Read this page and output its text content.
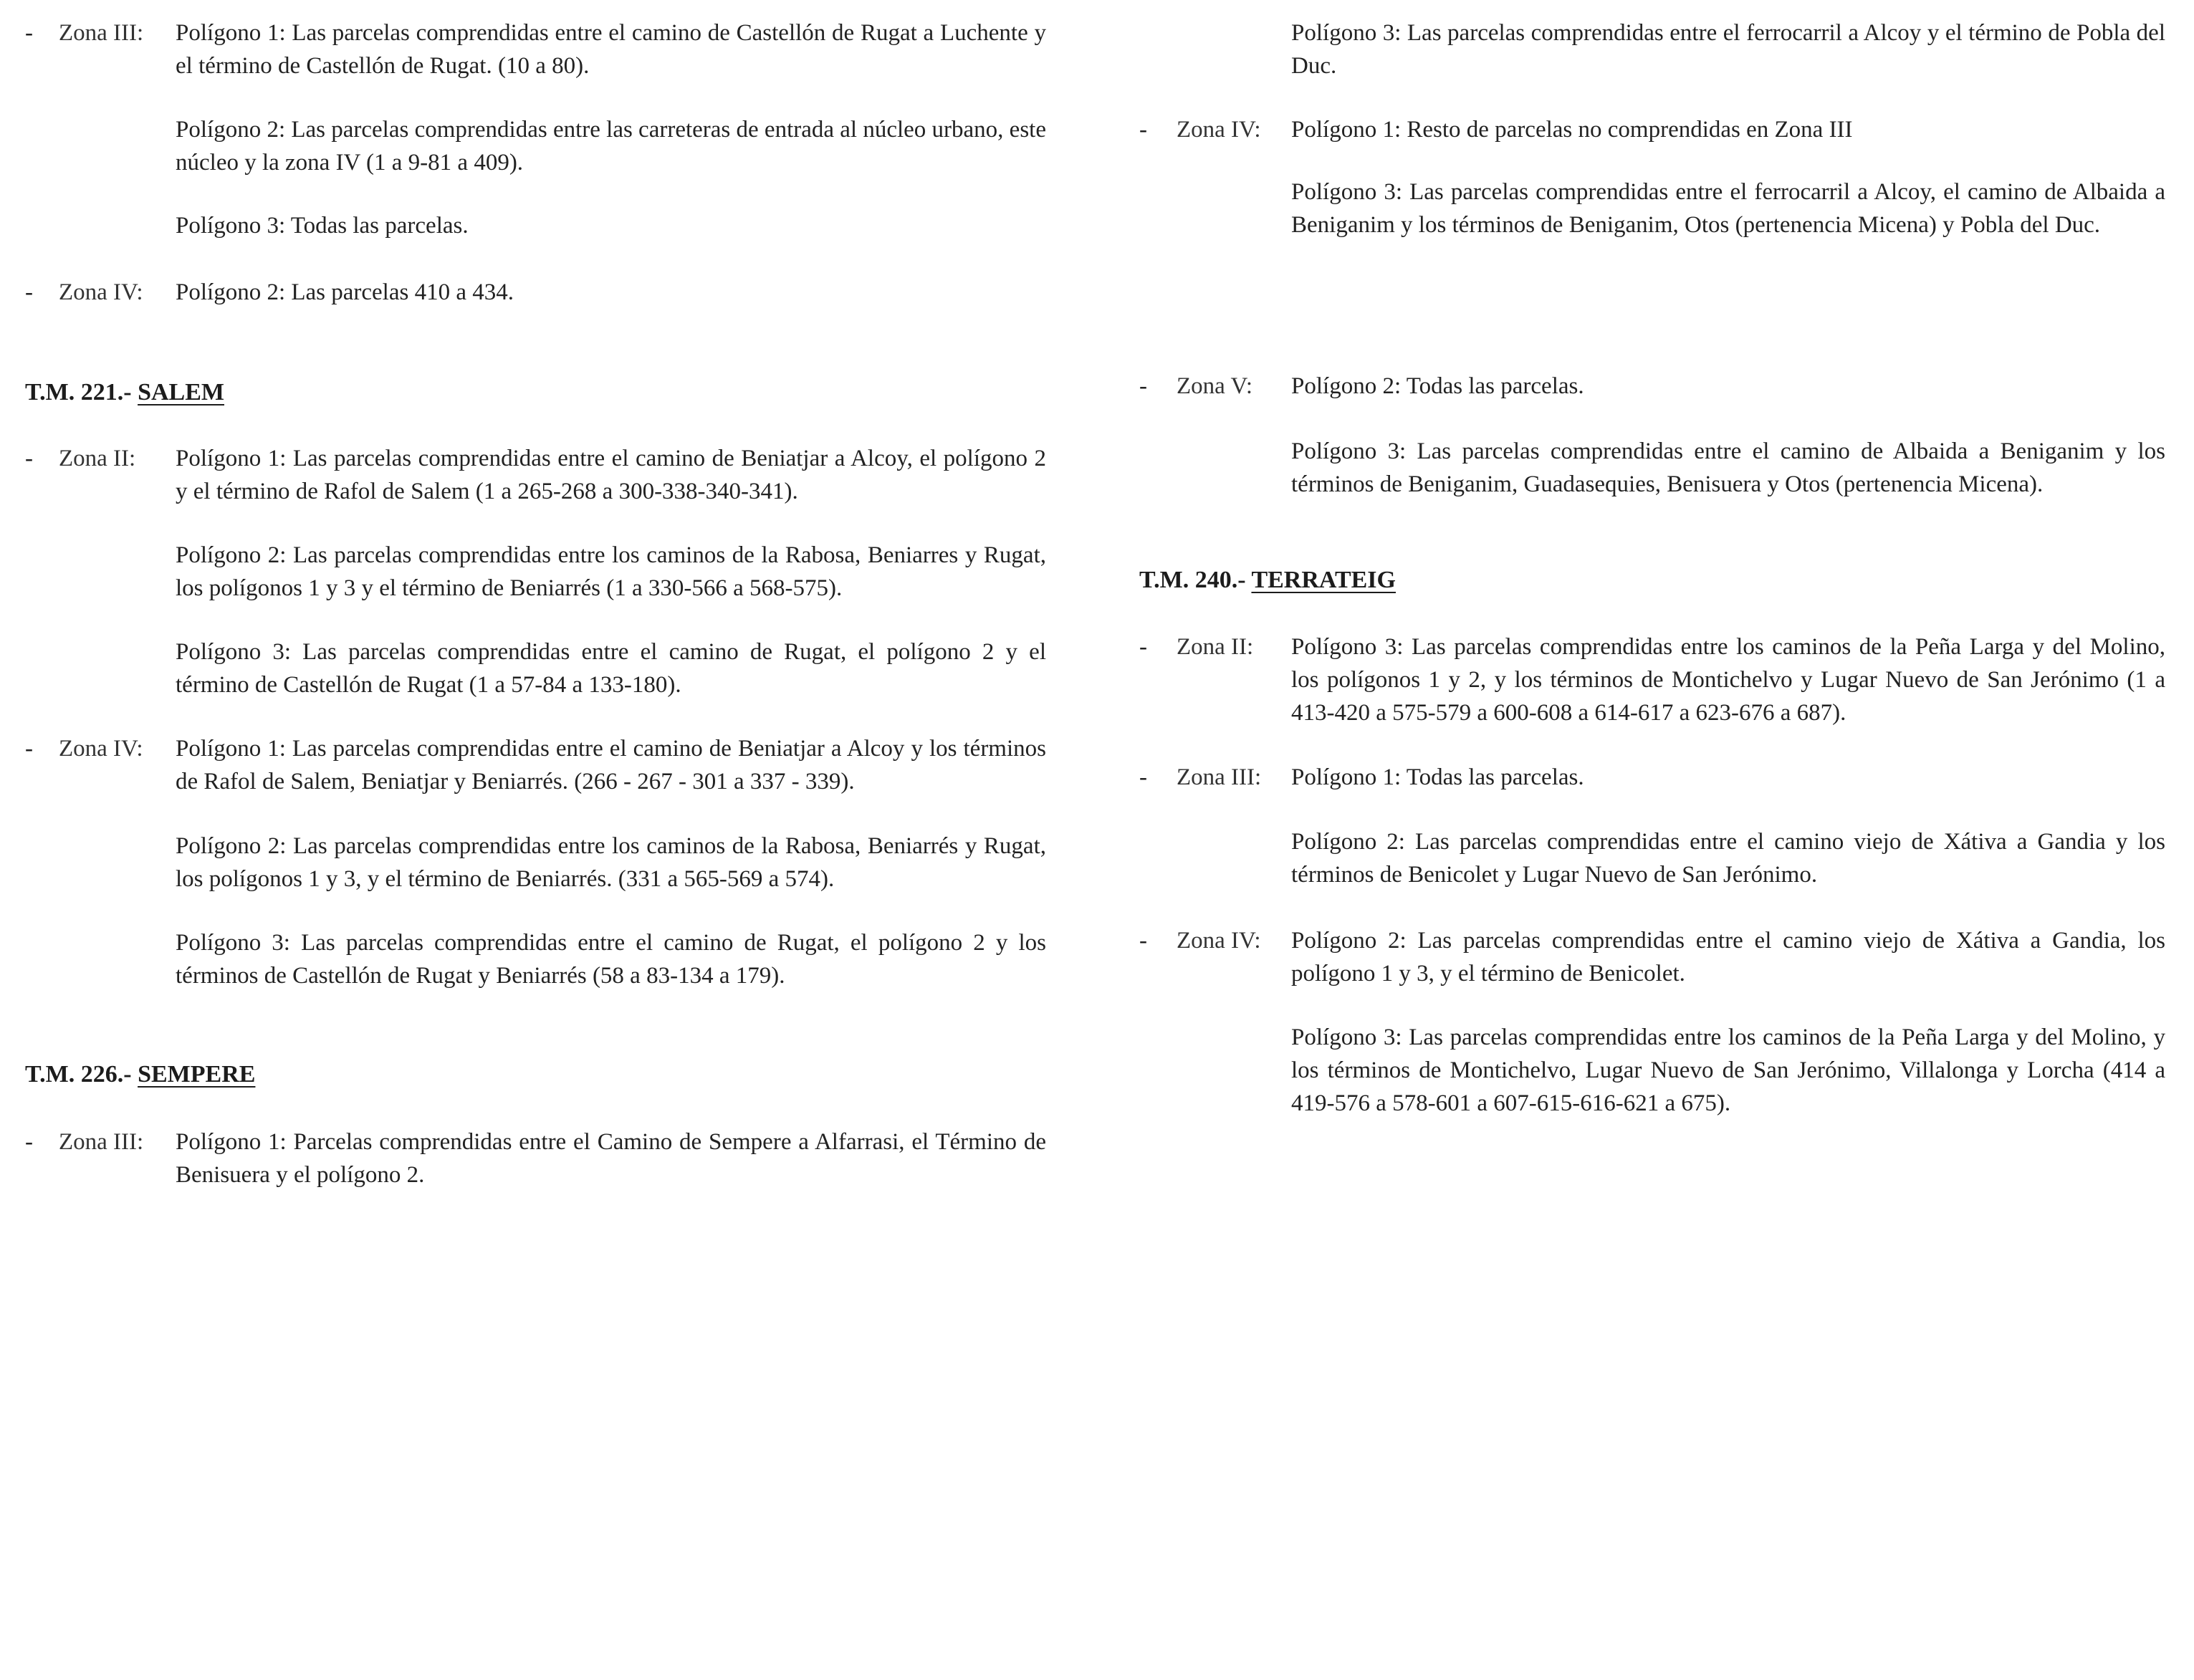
- Zona III: Polígono 1: Las parcelas comprendidas entre el camino de Castellón de Rugat a Luchente y el término de Castellón de Rugat. (10 a 80).
Polígono 2: Las parcelas comprendidas entre las carreteras de entrada al núcleo urbano, este núcleo y la zona IV (1 a 9-81 a 409).
Polígono 3: Todas las parcelas.
- Zona IV: Polígono 2: Las parcelas 410 a 434.
T.M. 221.- SALEM
- Zona II: Polígono 1: Las parcelas comprendidas entre el camino de Beniatjar a Alcoy, el polígono 2 y el término de Rafol de Salem (1 a 265-268 a 300-338-340-341).
Polígono 2: Las parcelas comprendidas entre los caminos de la Rabosa, Beniarres y Rugat, los polígonos 1 y 3 y el término de Beniarrés (1 a 330-566 a 568-575).
Polígono 3: Las parcelas comprendidas entre el camino de Rugat, el polígono 2 y el término de Castellón de Rugat (1 a 57-84 a 133-180).
- Zona IV: Polígono 1: Las parcelas comprendidas entre el camino de Beniatjar a Alcoy y los términos de Rafol de Salem, Beniatjar y Beniarrés. (266 - 267 - 301 a 337 - 339).
Polígono 2: Las parcelas comprendidas entre los caminos de la Rabosa, Beniarrés y Rugat, los polígonos 1 y 3, y el término de Beniarrés. (331 a 565-569 a 574).
Polígono 3: Las parcelas comprendidas entre el camino de Rugat, el polígono 2 y los términos de Castellón de Rugat y Beniarrés (58 a 83-134 a 179).
T.M. 226.- SEMPERE
- Zona III: Polígono 1: Parcelas comprendidas entre el Camino de Sempere a Alfarrasi, el Término de Benisuera y el polígono 2.
Polígono 3: Las parcelas comprendidas entre el ferrocarril a Alcoy y el término de Pobla del Duc.
- Zona IV: Polígono 1: Resto de parcelas no comprendidas en Zona III
Polígono 3: Las parcelas comprendidas entre el ferrocarril a Alcoy, el camino de Albaida a Beniganim y los términos de Beniganim, Otos (pertenencia Micena) y Pobla del Duc.
- Zona V: Polígono 2: Todas las parcelas.
Polígono 3: Las parcelas comprendidas entre el camino de Albaida a Beniganim y los términos de Beniganim, Guadasequies, Benisuera y Otos (pertenencia Micena).
T.M. 240.- TERRATEIG
- Zona II: Polígono 3: Las parcelas comprendidas entre los caminos de la Peña Larga y del Molino, los polígonos 1 y 2, y los términos de Montichelvo y Lugar Nuevo de San Jerónimo (1 a 413-420 a 575-579 a 600-608 a 614-617 a 623-676 a 687).
- Zona III: Polígono 1: Todas las parcelas.
Polígono 2: Las parcelas comprendidas entre el camino viejo de Xátiva a Gandia y los términos de Benicolet y Lugar Nuevo de San Jerónimo.
- Zona IV: Polígono 2: Las parcelas comprendidas entre el camino viejo de Xátiva a Gandia, los polígono 1 y 3, y el término de Benicolet.
Polígono 3: Las parcelas comprendidas entre los caminos de la Peña Larga y del Molino, y los términos de Montichelvo, Lugar Nuevo de San Jerónimo, Villalonga y Lorcha (414 a 419-576 a 578-601 a 607-615-616-621 a 675).
